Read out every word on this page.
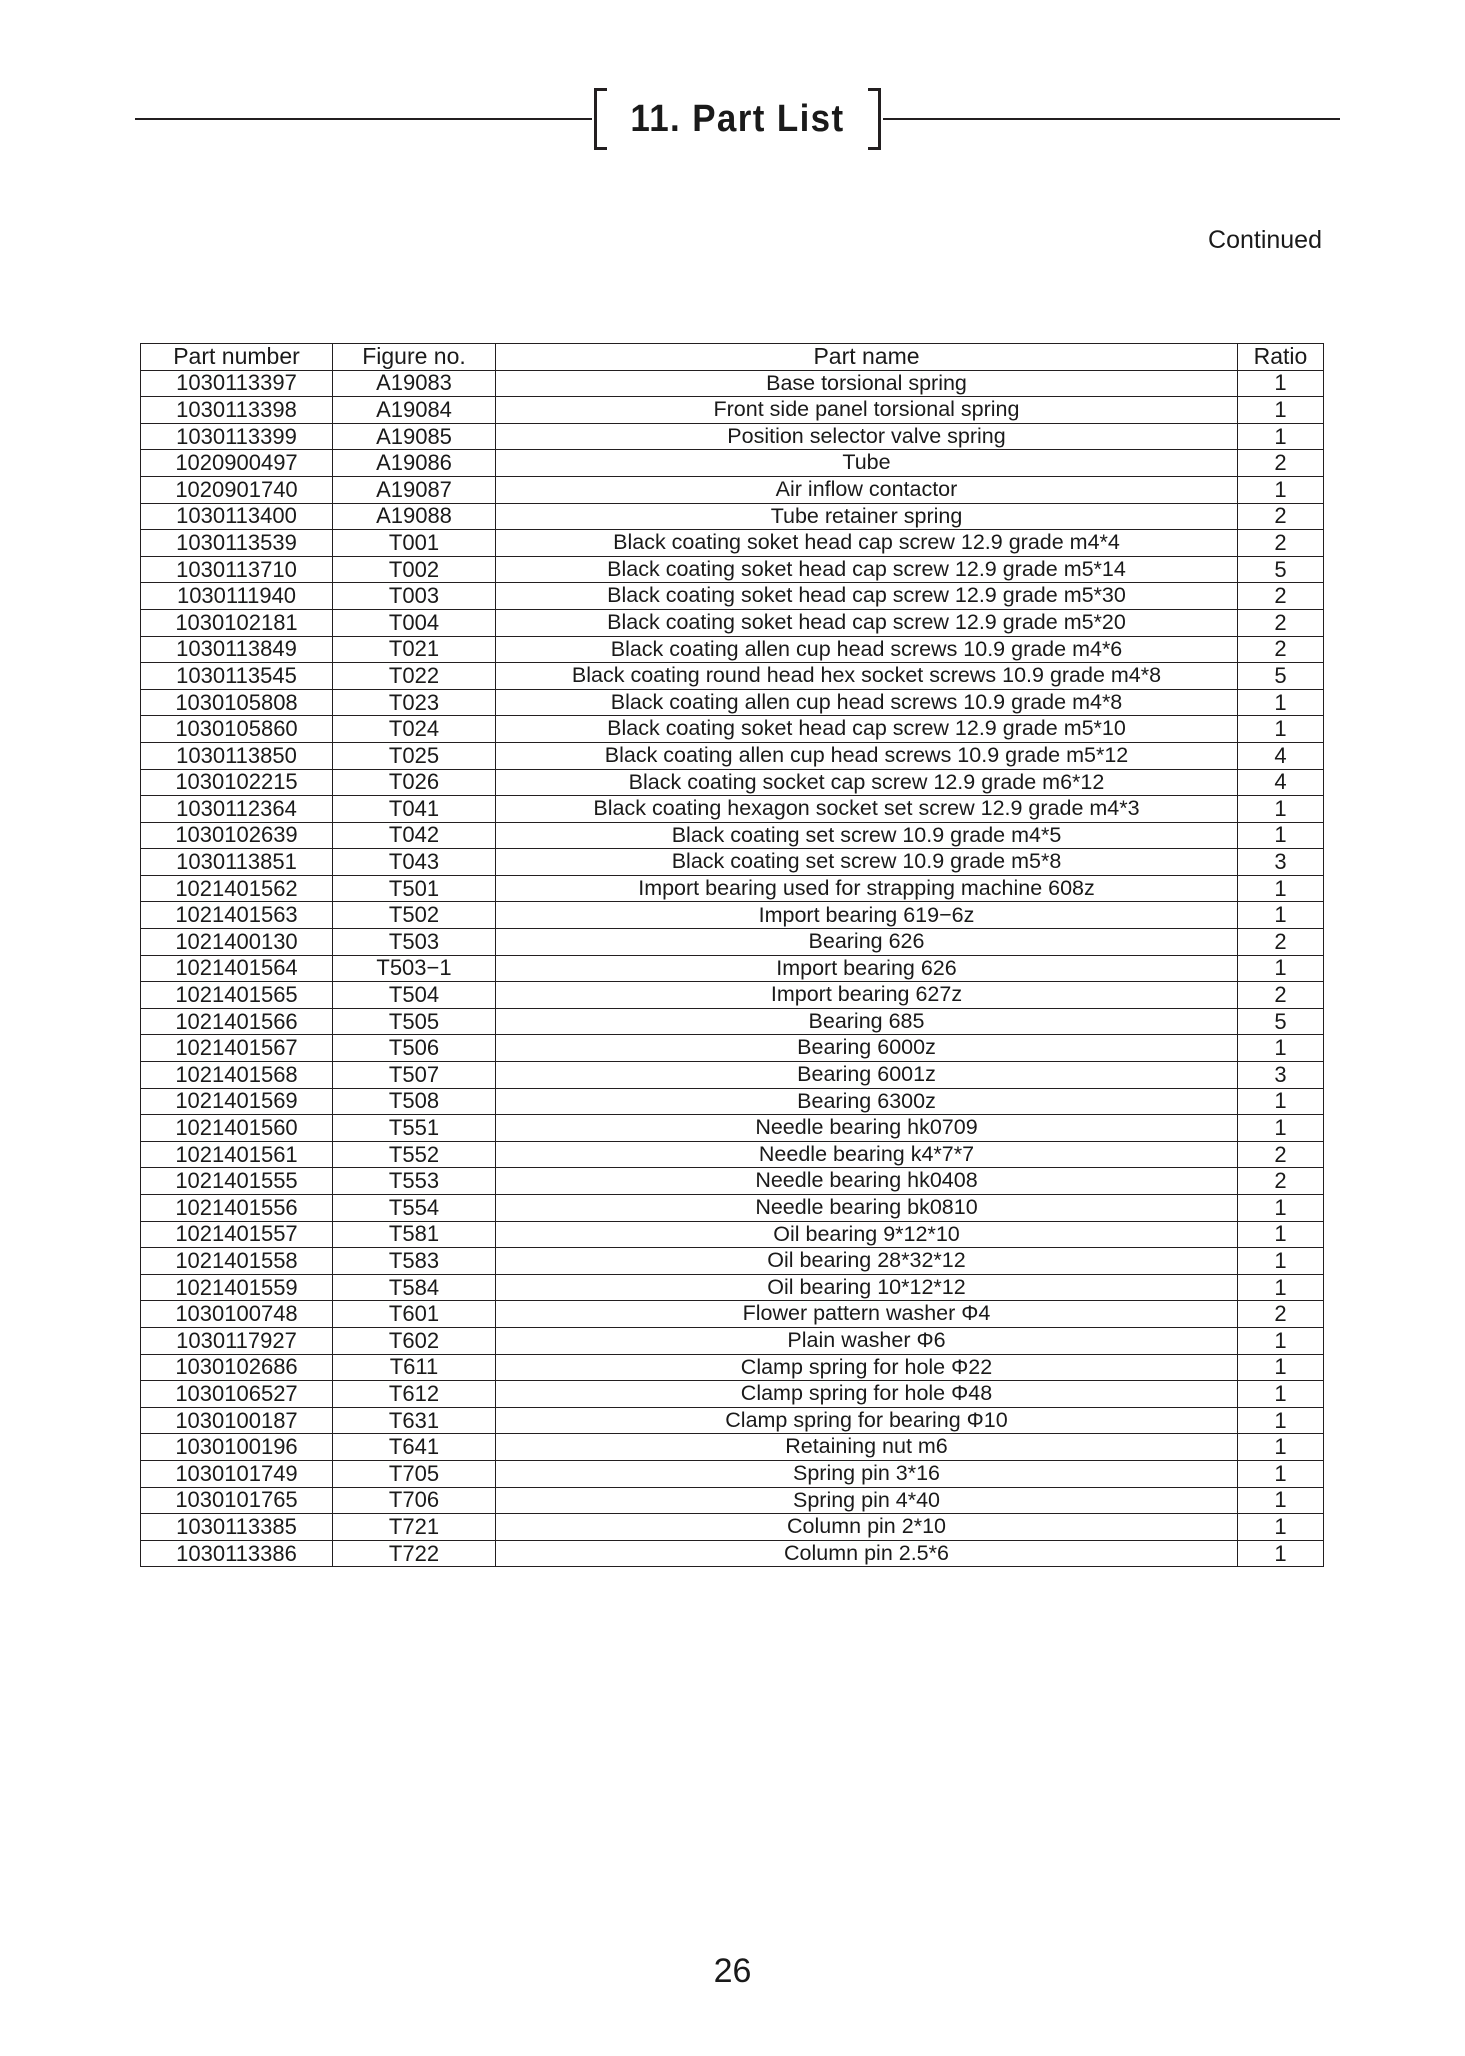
11. Part List
Continued
Part number	Figure no.	Part name	Ratio
1030113397	A19083	Base torsional spring	1
1030113398	A19084	Front side panel torsional spring	1
1030113399	A19085	Position selector valve spring	1
1020900497	A19086	Tube	2
1020901740	A19087	Air inflow contactor	1
1030113400	A19088	Tube retainer spring	2
1030113539	T001	Black coating soket head cap screw 12.9 grade m4*4	2
1030113710	T002	Black coating soket head cap screw 12.9 grade m5*14	5
1030111940	T003	Black coating soket head cap screw 12.9 grade m5*30	2
1030102181	T004	Black coating soket head cap screw 12.9 grade m5*20	2
1030113849	T021	Black coating allen cup head screws 10.9 grade m4*6	2
1030113545	T022	Black coating round head hex socket screws 10.9 grade m4*8	5
1030105808	T023	Black coating allen cup head screws 10.9 grade m4*8	1
1030105860	T024	Black coating soket head cap screw 12.9 grade m5*10	1
1030113850	T025	Black coating allen cup head screws 10.9 grade m5*12	4
1030102215	T026	Black coating socket cap screw 12.9 grade m6*12	4
1030112364	T041	Black coating hexagon socket set screw 12.9 grade m4*3	1
1030102639	T042	Black coating set screw 10.9 grade m4*5	1
1030113851	T043	Black coating set screw 10.9 grade m5*8	3
1021401562	T501	Import bearing used for strapping machine 608z	1
1021401563	T502	Import bearing 619−6z	1
1021400130	T503	Bearing 626	2
1021401564	T503−1	Import bearing 626	1
1021401565	T504	Import bearing 627z	2
1021401566	T505	Bearing 685	5
1021401567	T506	Bearing 6000z	1
1021401568	T507	Bearing 6001z	3
1021401569	T508	Bearing 6300z	1
1021401560	T551	Needle bearing hk0709	1
1021401561	T552	Needle bearing k4*7*7	2
1021401555	T553	Needle bearing hk0408	2
1021401556	T554	Needle bearing bk0810	1
1021401557	T581	Oil bearing 9*12*10	1
1021401558	T583	Oil bearing 28*32*12	1
1021401559	T584	Oil bearing 10*12*12	1
1030100748	T601	Flower pattern washer Φ4	2
1030117927	T602	Plain washer Φ6	1
1030102686	T611	Clamp spring for hole Φ22	1
1030106527	T612	Clamp spring for hole Φ48	1
1030100187	T631	Clamp spring for bearing Φ10	1
1030100196	T641	Retaining nut m6	1
1030101749	T705	Spring pin 3*16	1
1030101765	T706	Spring pin 4*40	1
1030113385	T721	Column pin 2*10	1
1030113386	T722	Column pin 2.5*6	1
26
